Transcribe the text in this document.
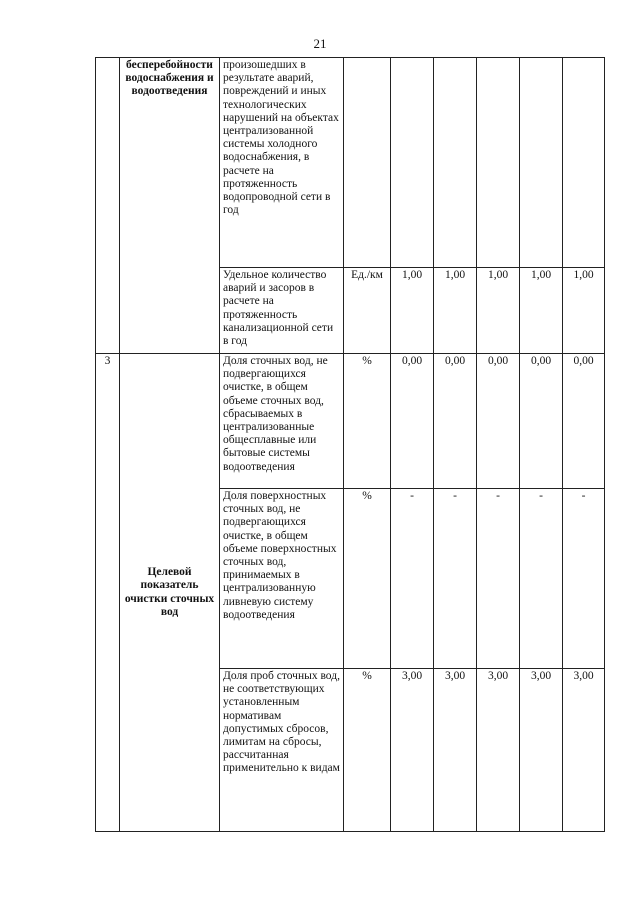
21
	бесперебойности водоснабжения и водоотведения	произошедших в результате аварий, повреждений и иных технологических нарушений на объектах централизованной системы холодного водоснабжения, в расчете на протяженность водопроводной сети в год						
		Удельное количество аварий и засоров в расчете на протяженность канализационной сети в год	Ед./км	1,00	1,00	1,00	1,00	1,00
3	Целевой показатель очистки сточных вод	Доля сточных вод, не подвергающихся очистке, в общем объеме сточных вод, сбрасываемых в централизованные общесплавные или бытовые системы водоотведения	%	0,00	0,00	0,00	0,00	0,00
		Доля поверхностных сточных вод, не подвергающихся очистке, в общем объеме поверхностных сточных вод, принимаемых в централизованную ливневую систему водоотведения	%	-	-	-	-	-
		Доля проб сточных вод, не соответствующих установленным нормативам допустимых сбросов, лимитам на сбросы, рассчитанная применительно к видам	%	3,00	3,00	3,00	3,00	3,00
